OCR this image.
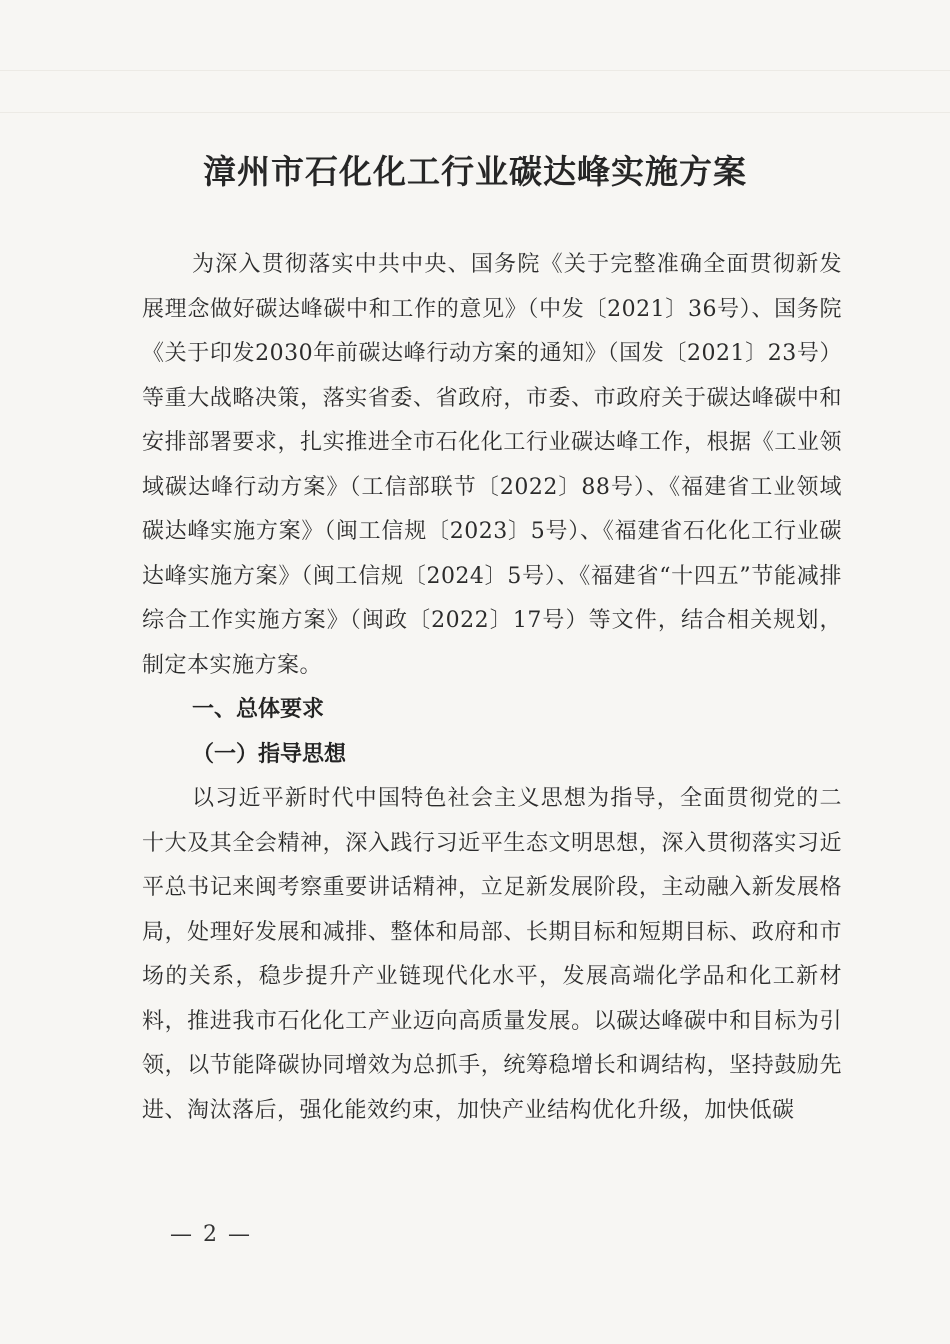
漳州市石化化工行业碳达峰实施方案

为深入贯彻落实中共中央、国务院《关于完整准确全面贯彻新发展理念做好碳达峰碳中和工作的意见》（中发〔2021〕36号）、国务院《关于印发2030年前碳达峰行动方案的通知》（国发〔2021〕23号）等重大战略决策，落实省委、省政府，市委、市政府关于碳达峰碳中和安排部署要求，扎实推进全市石化化工行业碳达峰工作，根据《工业领域碳达峰行动方案》（工信部联节〔2022〕88号）、《福建省工业领域碳达峰实施方案》（闽工信规〔2023〕5号）、《福建省石化化工行业碳达峰实施方案》（闽工信规〔2024〕5号）、《福建省“十四五”节能减排综合工作实施方案》（闽政〔2022〕17号）等文件，结合相关规划，制定本实施方案。

一、总体要求

（一）指导思想

以习近平新时代中国特色社会主义思想为指导，全面贯彻党的二十大及其全会精神，深入践行习近平生态文明思想，深入贯彻落实习近平总书记来闽考察重要讲话精神，立足新发展阶段，主动融入新发展格局，处理好发展和减排、整体和局部、长期目标和短期目标、政府和市场的关系，稳步提升产业链现代化水平，发展高端化学品和化工新材料，推进我市石化化工产业迈向高质量发展。以碳达峰碳中和目标为引领，以节能降碳协同增效为总抓手，统筹稳增长和调结构，坚持鼓励先进、淘汰落后，强化能效约束，加快产业结构优化升级，加快低碳

— 2 —
